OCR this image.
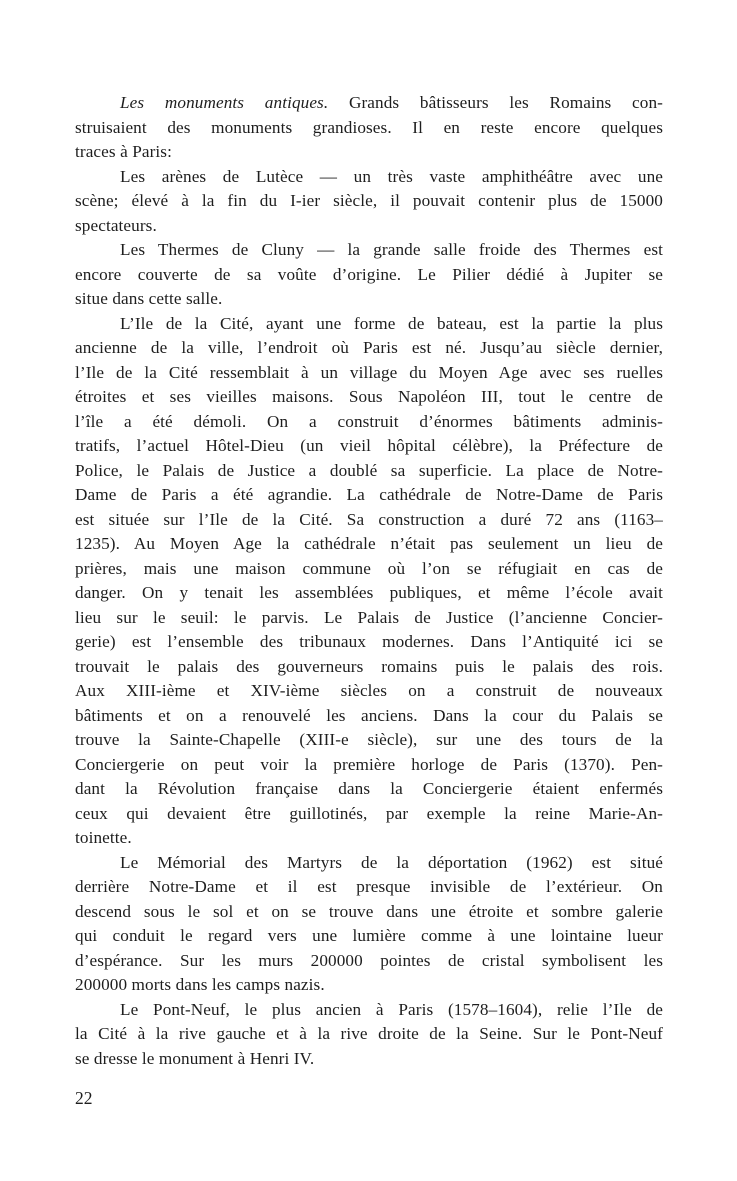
Les monuments antiques. Grands bâtisseurs les Romains con-
struisaient des monuments grandioses. Il en reste encore quelques
traces à Paris:
Les arènes de Lutèce — un très vaste amphithéâtre avec une
scène; élevé à la fin du I-ier siècle, il pouvait contenir plus de 15000
spectateurs.
Les Thermes de Cluny — la grande salle froide des Thermes est
encore couverte de sa voûte d’origine. Le Pilier dédié à Jupiter se
situe dans cette salle.
L’Ile de la Cité, ayant une forme de bateau, est la partie la plus
ancienne de la ville, l’endroit où Paris est né. Jusqu’au siècle dernier,
l’Ile de la Cité ressemblait à un village du Moyen Age avec ses ruelles
étroites et ses vieilles maisons. Sous Napoléon III, tout le centre de
l’île a été démoli. On a construit d’énormes bâtiments adminis-
tratifs, l’actuel Hôtel-Dieu (un vieil hôpital célèbre), la Préfecture de
Police, le Palais de Justice a doublé sa superficie. La place de Notre-
Dame de Paris a été agrandie. La cathédrale de Notre-Dame de Paris
est située sur l’Ile de la Cité. Sa construction a duré 72 ans (1163–
1235). Au Moyen Age la cathédrale n’était pas seulement un lieu de
prières, mais une maison commune où l’on se réfugiait en cas de
danger. On y tenait les assemblées publiques, et même l’école avait
lieu sur le seuil: le parvis. Le Palais de Justice (l’ancienne Concier-
gerie) est l’ensemble des tribunaux modernes. Dans l’Antiquité ici se
trouvait le palais des gouverneurs romains puis le palais des rois.
Aux XIII-ième et XIV-ième siècles on a construit de nouveaux
bâtiments et on a renouvelé les anciens. Dans la cour du Palais se
trouve la Sainte-Chapelle (XIII-e siècle), sur une des tours de la
Conciergerie on peut voir la première horloge de Paris (1370). Pen-
dant la Révolution française dans la Conciergerie étaient enfermés
ceux qui devaient être guillotinés, par exemple la reine Marie-An-
toinette.
Le Mémorial des Martyrs de la déportation (1962) est situé
derrière Notre-Dame et il est presque invisible de l’extérieur. On
descend sous le sol et on se trouve dans une étroite et sombre galerie
qui conduit le regard vers une lumière comme à une lointaine lueur
d’espérance. Sur les murs 200000 pointes de cristal symbolisent les
200000 morts dans les camps nazis.
Le Pont-Neuf, le plus ancien à Paris (1578–1604), relie l’Ile de
la Cité à la rive gauche et à la rive droite de la Seine. Sur le Pont-Neuf
se dresse le monument à Henri IV.
22
